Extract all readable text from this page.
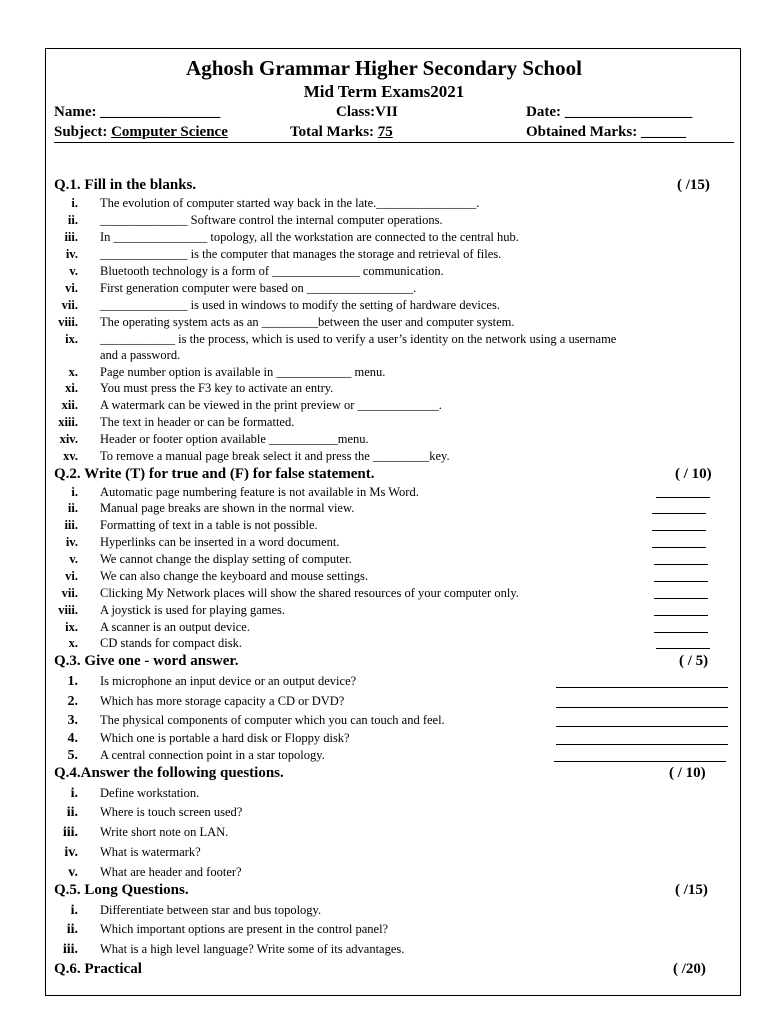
Aghosh Grammar Higher Secondary School
Mid Term Exams2021
Name: ________________	Class:VII	Date: _________________
Subject: Computer Science	Total Marks: 75	Obtained Marks: ______
Q.1. Fill in the blanks.	( /15)
i. The evolution of computer started way back in the late.________________.
ii. ______________ Software control the internal computer operations.
iii. In _______________ topology, all the workstation are connected to the central hub.
iv. ______________ is the computer that manages the storage and retrieval of files.
v. Bluetooth technology is a form of ______________ communication.
vi. First generation computer were based on _________________.
vii. ______________ is used in windows to modify the setting of hardware devices.
viii. The operating system acts as an _________between the user and computer system.
ix. ____________ is the process, which is used to verify a user’s identity on the network using a username
and a password.
x. Page number option is available in ____________ menu.
xi. You must press the F3 key to activate an entry.
xii. A watermark can be viewed in the print preview or _____________.
xiii. The text in header or can be formatted.
xiv. Header or footer option available ___________menu.
xv. To remove a manual page break select it and press the _________key.
Q.2. Write (T) for true and (F) for false statement.	( / 10)
i. Automatic page numbering feature is not available in Ms Word.
ii. Manual page breaks are shown in the normal view.
iii. Formatting of text in a table is not possible.
iv. Hyperlinks can be inserted in a word document.
v. We cannot change the display setting of computer.
vi. We can also change the keyboard and mouse settings.
vii. Clicking My Network places will show the shared resources of your computer only.
viii. A joystick is used for playing games.
ix. A scanner is an output device.
x. CD stands for compact disk.
Q.3. Give one - word answer.	( / 5)
1. Is microphone an input device or an output device?
2. Which has more storage capacity a CD or DVD?
3. The physical components of computer which you can touch and feel.
4. Which one is portable a hard disk or Floppy disk?
5. A central connection point in a star topology.
Q.4.Answer the following questions.	( / 10)
i. Define workstation.
ii. Where is touch screen used?
iii. Write short note on LAN.
iv. What is watermark?
v. What are header and footer?
Q.5. Long Questions.	( /15)
i. Differentiate between star and bus topology.
ii. Which important options are present in the control panel?
iii. What is a high level language? Write some of its advantages.
Q.6. Practical	( /20)
